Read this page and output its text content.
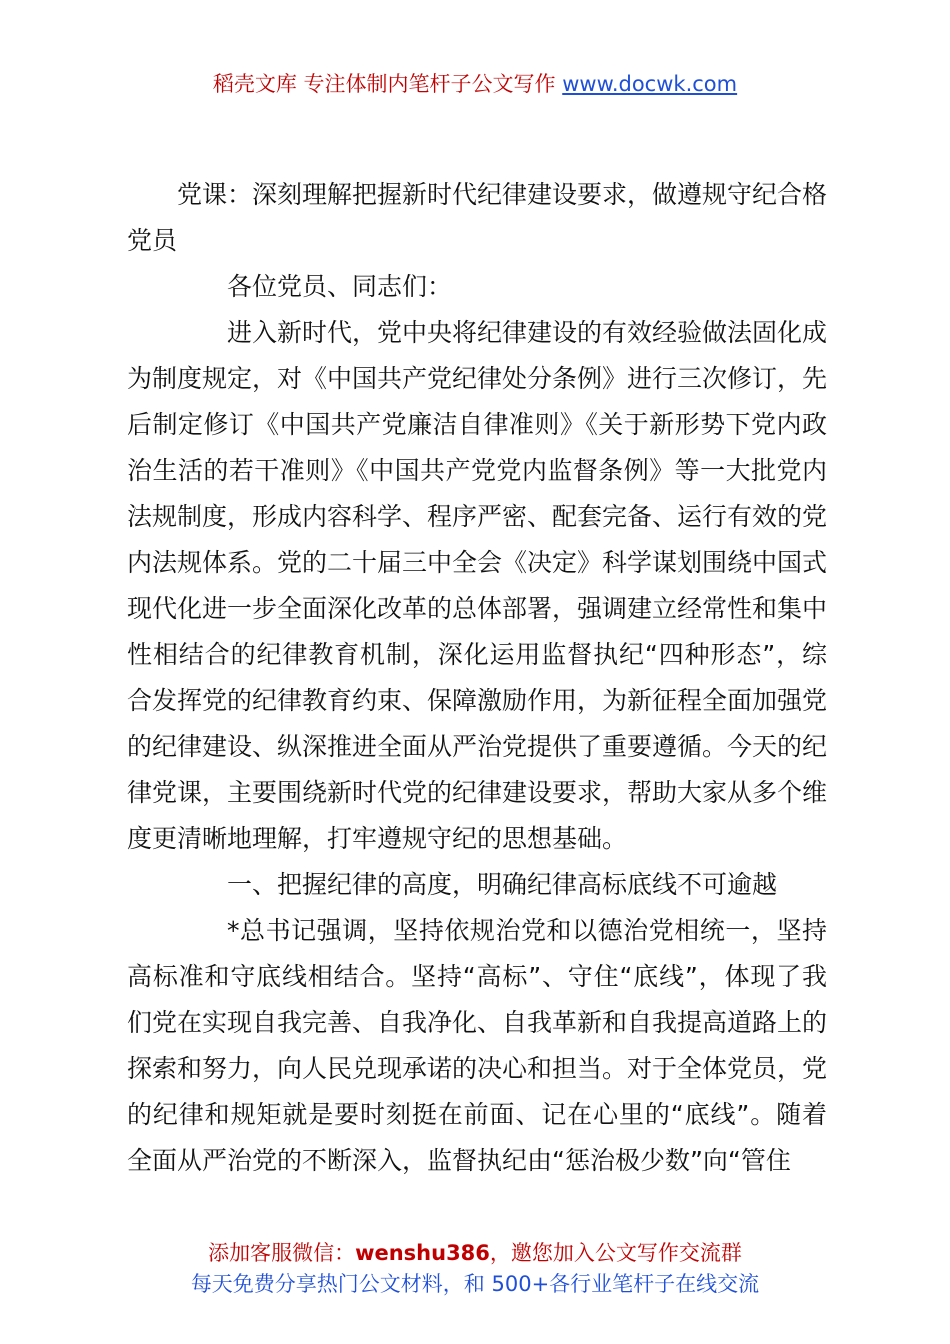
稻壳文库 专注体制内笔杆子公文写作 www.docwk.com

党课：深刻理解把握新时代纪律建设要求，做遵规守纪合格党员

各位党员、同志们：

进入新时代，党中央将纪律建设的有效经验做法固化成为制度规定，对《中国共产党纪律处分条例》进行三次修订，先后制定修订《中国共产党廉洁自律准则》《关于新形势下党内政治生活的若干准则》《中国共产党党内监督条例》等一大批党内法规制度，形成内容科学、程序严密、配套完备、运行有效的党内法规体系。党的二十届三中全会《决定》科学谋划围绕中国式现代化进一步全面深化改革的总体部署，强调建立经常性和集中性相结合的纪律教育机制，深化运用监督执纪“四种形态”，综合发挥党的纪律教育约束、保障激励作用，为新征程全面加强党的纪律建设、纵深推进全面从严治党提供了重要遵循。今天的纪律党课，主要围绕新时代党的纪律建设要求，帮助大家从多个维度更清晰地理解，打牢遵规守纪的思想基础。

一、把握纪律的高度，明确纪律高标底线不可逾越

*总书记强调，坚持依规治党和以德治党相统一，坚持高标准和守底线相结合。坚持“高标”、守住“底线”，体现了我们党在实现自我完善、自我净化、自我革新和自我提高道路上的探索和努力，向人民兑现承诺的决心和担当。对于全体党员，党的纪律和规矩就是要时刻挺在前面、记在心里的“底线”。随着全面从严治党的不断深入，监督执纪由“惩治极少数”向“管住

添加客服微信：wenshu386，邀您加入公文写作交流群
每天免费分享热门公文材料，和 500+各行业笔杆子在线交流
